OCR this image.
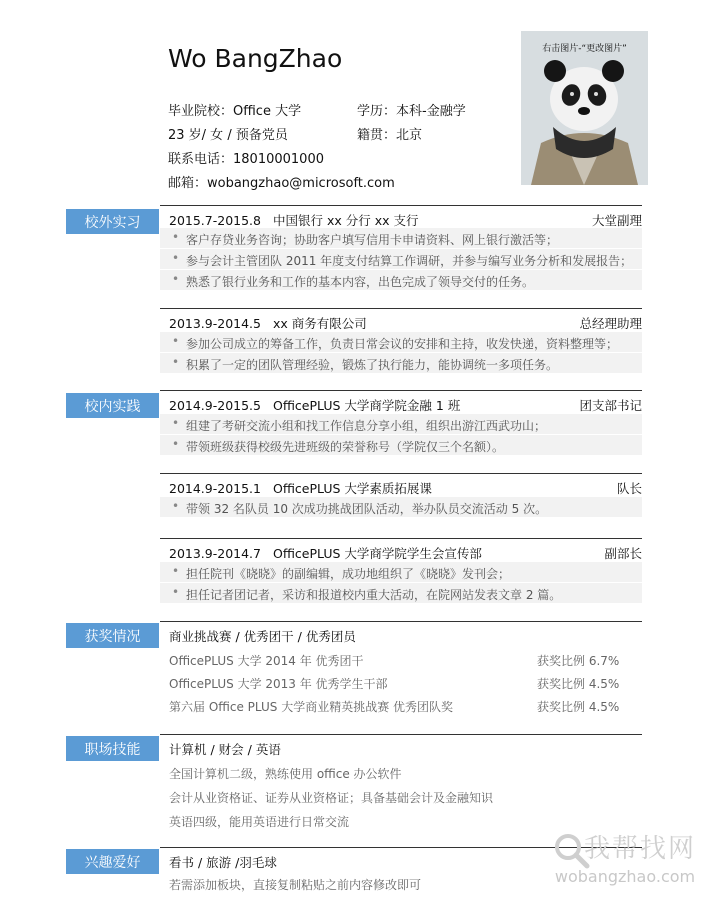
Wo BangZhao
毕业院校：Office 大学	学历：本科-金融学
23 岁/ 女 / 预备党员	籍贯：北京
联系电话：18010001000
邮箱：wobangzhao@microsoft.com
右击图片-“更改图片”
校外实习	2015.7-2015.8 中国银行 xx 分行 xx 支行	大堂副理
• 客户存贷业务咨询；协助客户填写信用卡申请资料、网上银行激活等；
• 参与会计主管团队 2011 年度支付结算工作调研，并参与编写业务分析和发展报告；
• 熟悉了银行业务和工作的基本内容，出色完成了领导交付的任务。
2013.9-2014.5 xx 商务有限公司	总经理助理
• 参加公司成立的筹备工作，负责日常会议的安排和主持，收发快递，资料整理等；
• 积累了一定的团队管理经验，锻炼了执行能力，能协调统一多项任务。
校内实践	2014.9-2015.5 OfficePLUS 大学商学院金融 1 班	团支部书记
• 组建了考研交流小组和找工作信息分享小组，组织出游江西武功山；
• 带领班级获得校级先进班级的荣誉称号（学院仅三个名额）。
2014.9-2015.1 OfficePLUS 大学素质拓展课	队长
• 带领 32 名队员 10 次成功挑战团队活动，举办队员交流活动 5 次。
2013.9-2014.7 OfficePLUS 大学商学院学生会宣传部	副部长
• 担任院刊《晓晓》的副编辑，成功地组织了《晓晓》发刊会；
• 担任记者团记者，采访和报道校内重大活动，在院网站发表文章 2 篇。
获奖情况	商业挑战赛 / 优秀团干 / 优秀团员
OfficePLUS 大学 2014 年 优秀团干	获奖比例 6.7%
OfficePLUS 大学 2013 年 优秀学生干部	获奖比例 4.5%
第六届 Office PLUS 大学商业精英挑战赛 优秀团队奖	获奖比例 4.5%
职场技能	计算机 / 财会 / 英语
全国计算机二级，熟练使用 office 办公软件
会计从业资格证、证券从业资格证；具备基础会计及金融知识
英语四级，能用英语进行日常交流
兴趣爱好	看书 / 旅游 /羽毛球
若需添加板块，直接复制粘贴之前内容修改即可
我帮找网
wobangzhao.com
